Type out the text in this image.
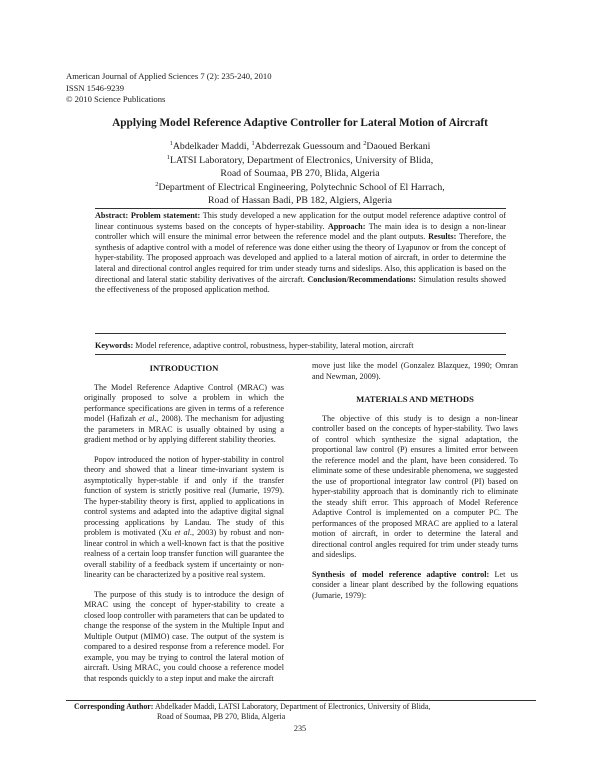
American Journal of Applied Sciences 7 (2): 235-240, 2010
ISSN 1546-9239
© 2010 Science Publications
Applying Model Reference Adaptive Controller for Lateral Motion of Aircraft
$^1$Abdelkader Maddi, $^1$Abderrezak Guessoum and $^2$Daoued Berkani
$^1$LATSI Laboratory, Department of Electronics, University of Blida,
Road of Soumaa, PB 270, Blida, Algeria
$^2$Department of Electrical Engineering, Polytechnic School of El Harrach,
Road of Hassan Badi, PB 182, Algiers, Algeria
Abstract: Problem statement: This study developed a new application for the output model reference adaptive control of linear continuous systems based on the concepts of hyper-stability. Approach: The main idea is to design a non-linear controller which will ensure the minimal error between the reference model and the plant outputs. Results: Therefore, the synthesis of adaptive control with a model of reference was done either using the theory of Lyapunov or from the concept of hyper-stability. The proposed approach was developed and applied to a lateral motion of aircraft, in order to determine the lateral and directional control angles required for trim under steady turns and sideslips. Also, this application is based on the directional and lateral static stability derivatives of the aircraft. Conclusion/Recommendations: Simulation results showed the effectiveness of the proposed application method.
Keywords: Model reference, adaptive control, robustness, hyper-stability, lateral motion, aircraft
INTRODUCTION

The Model Reference Adaptive Control (MRAC) was originally proposed to solve a problem in which the performance specifications are given in terms of a reference model (Hafizah et al., 2008). The mechanism for adjusting the parameters in MRAC is usually obtained by using a gradient method or by applying different stability theories.

Popov introduced the notion of hyper-stability in control theory and showed that a linear time-invariant system is asymptotically hyper-stable if and only if the transfer function of system is strictly positive real (Jumarie, 1979). The hyper-stability theory is first, applied to applications in control systems and adapted into the adaptive digital signal processing applications by Landau. The study of this problem is motivated (Xu et al., 2003) by robust and non-linear control in which a well-known fact is that the positive realness of a certain loop transfer function will guarantee the overall stability of a feedback system if uncertainty or non-linearity can be characterized by a positive real system.

The purpose of this study is to introduce the design of MRAC using the concept of hyper-stability to create a closed loop controller with parameters that can be updated to change the response of the system in the Multiple Input and Multiple Output (MIMO) case. The output of the system is compared to a desired response from a reference model. For example, you may be trying to control the lateral motion of aircraft. Using MRAC, you could choose a reference model that responds quickly to a step input and make the aircraft

move just like the model (Gonzalez Blazquez, 1990; Omran and Newman, 2009).

MATERIALS AND METHODS

The objective of this study is to design a non-linear controller based on the concepts of hyper-stability. Two laws of control which synthesize the signal adaptation, the proportional law control (P) ensures a limited error between the reference model and the plant, have been considered. To eliminate some of these undesirable phenomena, we suggested the use of proportional integrator law control (PI) based on hyper-stability approach that is dominantly rich to eliminate the steady shift error. This approach of Model Reference Adaptive Control is implemented on a computer PC. The performances of the proposed MRAC are applied to a lateral motion of aircraft, in order to determine the lateral and directional control angles required for trim under steady turns and sideslips.

Synthesis of model reference adaptive control: Let us consider a linear plant described by the following equations (Jumarie, 1979):

Corresponding Author: Abdelkader Maddi, LATSI Laboratory, Department of Electronics, University of Blida,
Road of Soumaa, PB 270, Blida, Algeria
235
